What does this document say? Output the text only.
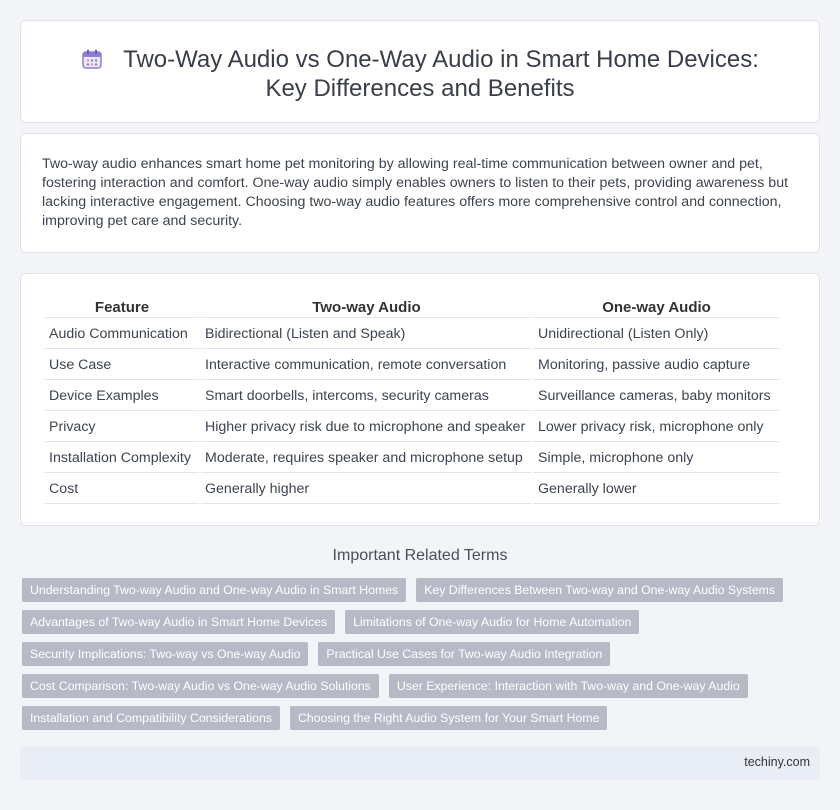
Two-Way Audio vs One-Way Audio in Smart Home Devices: Key Differences and Benefits

Two-way audio enhances smart home pet monitoring by allowing real-time communication between owner and pet, fostering interaction and comfort. One-way audio simply enables owners to listen to their pets, providing awareness but lacking interactive engagement. Choosing two-way audio features offers more comprehensive control and connection, improving pet care and security.

Feature	Two-way Audio	One-way Audio
Audio Communication	Bidirectional (Listen and Speak)	Unidirectional (Listen Only)
Use Case	Interactive communication, remote conversation	Monitoring, passive audio capture
Device Examples	Smart doorbells, intercoms, security cameras	Surveillance cameras, baby monitors
Privacy	Higher privacy risk due to microphone and speaker	Lower privacy risk, microphone only
Installation Complexity	Moderate, requires speaker and microphone setup	Simple, microphone only
Cost	Generally higher	Generally lower
Important Related Terms
Understanding Two-way Audio and One-way Audio in Smart Homes	Key Differences Between Two-way and One-way Audio Systems
Advantages of Two-way Audio in Smart Home Devices	Limitations of One-way Audio for Home Automation
Security Implications: Two-way vs One-way Audio	Practical Use Cases for Two-way Audio Integration
Cost Comparison: Two-way Audio vs One-way Audio Solutions	User Experience: Interaction with Two-way and One-way Audio
Installation and Compatibility Considerations	Choosing the Right Audio System for Your Smart Home
techiny.com
